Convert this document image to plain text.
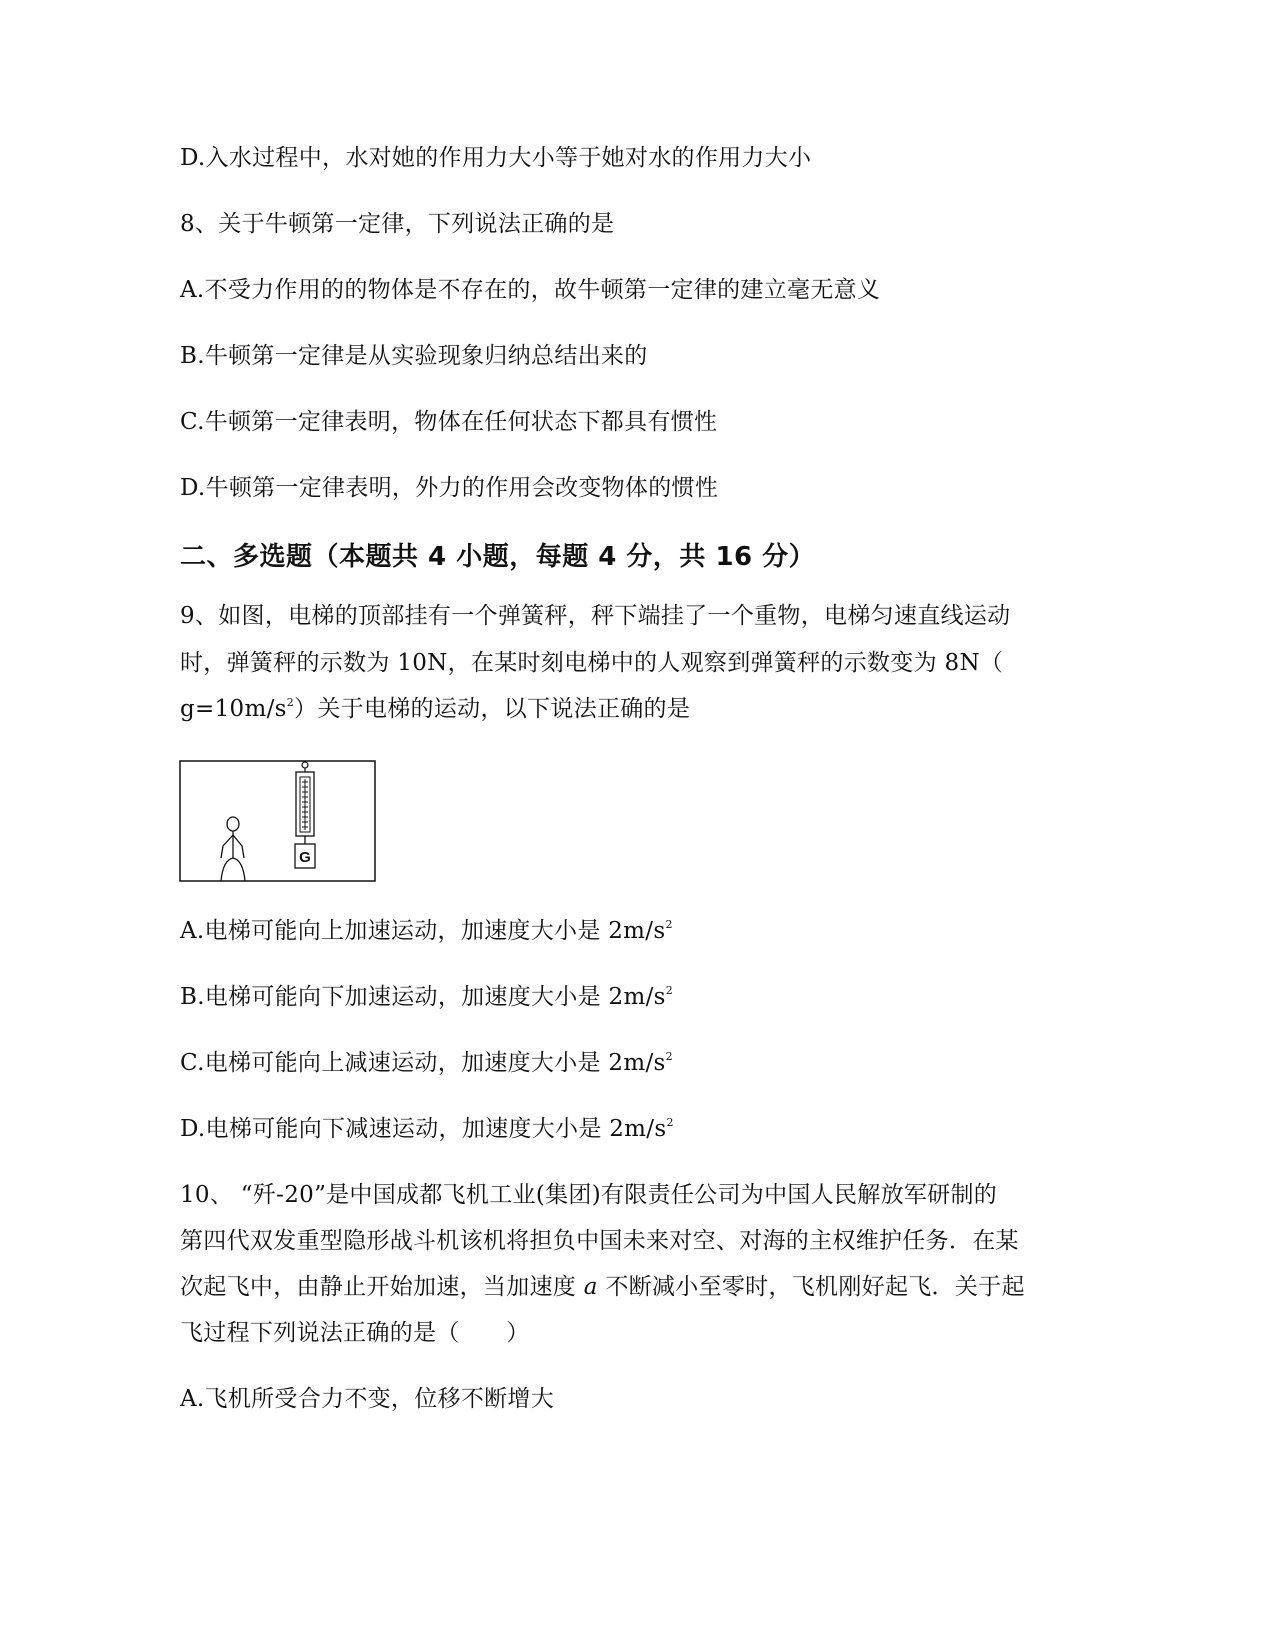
D.入水过程中，水对她的作用力大小等于她对水的作用力大小
8、关于牛顿第一定律，下列说法正确的是
A.不受力作用的的物体是不存在的，故牛顿第一定律的建立毫无意义
B.牛顿第一定律是从实验现象归纳总结出来的
C.牛顿第一定律表明，物体在任何状态下都具有惯性
D.牛顿第一定律表明，外力的作用会改变物体的惯性
二、多选题（本题共 4 小题，每题 4 分，共 16 分）
9、如图，电梯的顶部挂有一个弹簧秤，秤下端挂了一个重物，电梯匀速直线运动
时，弹簧秤的示数为 10N，在某时刻电梯中的人观察到弹簧秤的示数变为 8N（
$g=10m/s^2$）关于电梯的运动，以下说法正确的是
G
A.电梯可能向上加速运动，加速度大小是 $2m/s^2$
B.电梯可能向下加速运动，加速度大小是 $2m/s^2$
C.电梯可能向上减速运动，加速度大小是 $2m/s^2$
D.电梯可能向下减速运动，加速度大小是 $2m/s^2$
10、 “歼-20”是中国成都飞机工业(集团)有限责任公司为中国人民解放军研制的
第四代双发重型隐形战斗机该机将担负中国未来对空、对海的主权维护任务．在某
次起飞中，由静止开始加速，当加速度 a 不断减小至零时，飞机刚好起飞．关于起
飞过程下列说法正确的是（　　）
A.飞机所受合力不变，位移不断增大
